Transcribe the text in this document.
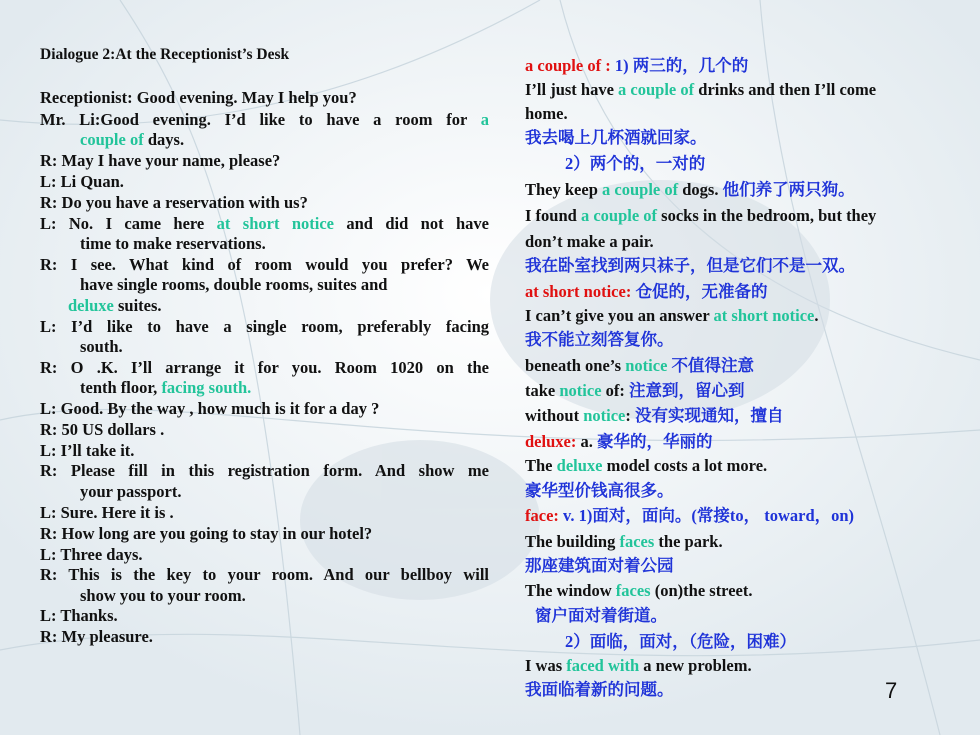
Dialogue 2:At the Receptionist’s Desk
Receptionist: Good evening. May I help you?
Mr. Li:Good evening. I’d like to have a room for a
couple of days.
R: May I have your name, please?
L: Li Quan.
R: Do you have a reservation with us?
L: No. I came here at short notice and did not have
time to make reservations.
R: I see. What kind of room would you prefer? We
have single rooms, double rooms, suites and
deluxe suites.
L: I’d like to have a single room, preferably facing
south.
R: O .K. I’ll arrange it for you. Room 1020 on the
tenth floor, facing south.
L: Good. By the way , how much is it for a day ?
R: 50 US dollars .
L: I’ll take it.
R: Please fill in this registration form. And show me
your passport.
L: Sure. Here it is .
R: How long are you going to stay in our hotel?
L: Three days.
R: This is the key to your room. And our bellboy will
show you to your room.
L: Thanks.
R: My pleasure.
a couple of : 1) 两三的，几个的
I’ll just have a couple of drinks and then I’ll come
home.
我去喝上几杯酒就回家。
2）两个的，一对的
They keep a couple of dogs. 他们养了两只狗。
I found a couple of socks in the bedroom, but they
don’t make a pair.
我在卧室找到两只袜子，但是它们不是一双。
at short notice: 仓促的，无准备的
I can’t give you an answer at short notice.
我不能立刻答复你。
beneath one’s notice 不值得注意
take notice of: 注意到，留心到
without notice: 没有实现通知，擅自
deluxe: a. 豪华的，华丽的
The deluxe model costs a lot more.
豪华型价钱高很多。
face: v. 1)面对，面向。(常接to， toward，on)
The building faces the park.
那座建筑面对着公园
The window faces (on)the street.
窗户面对着街道。
2）面临，面对，（危险，困难）
I was faced with a new problem.
我面临着新的问题。	7
